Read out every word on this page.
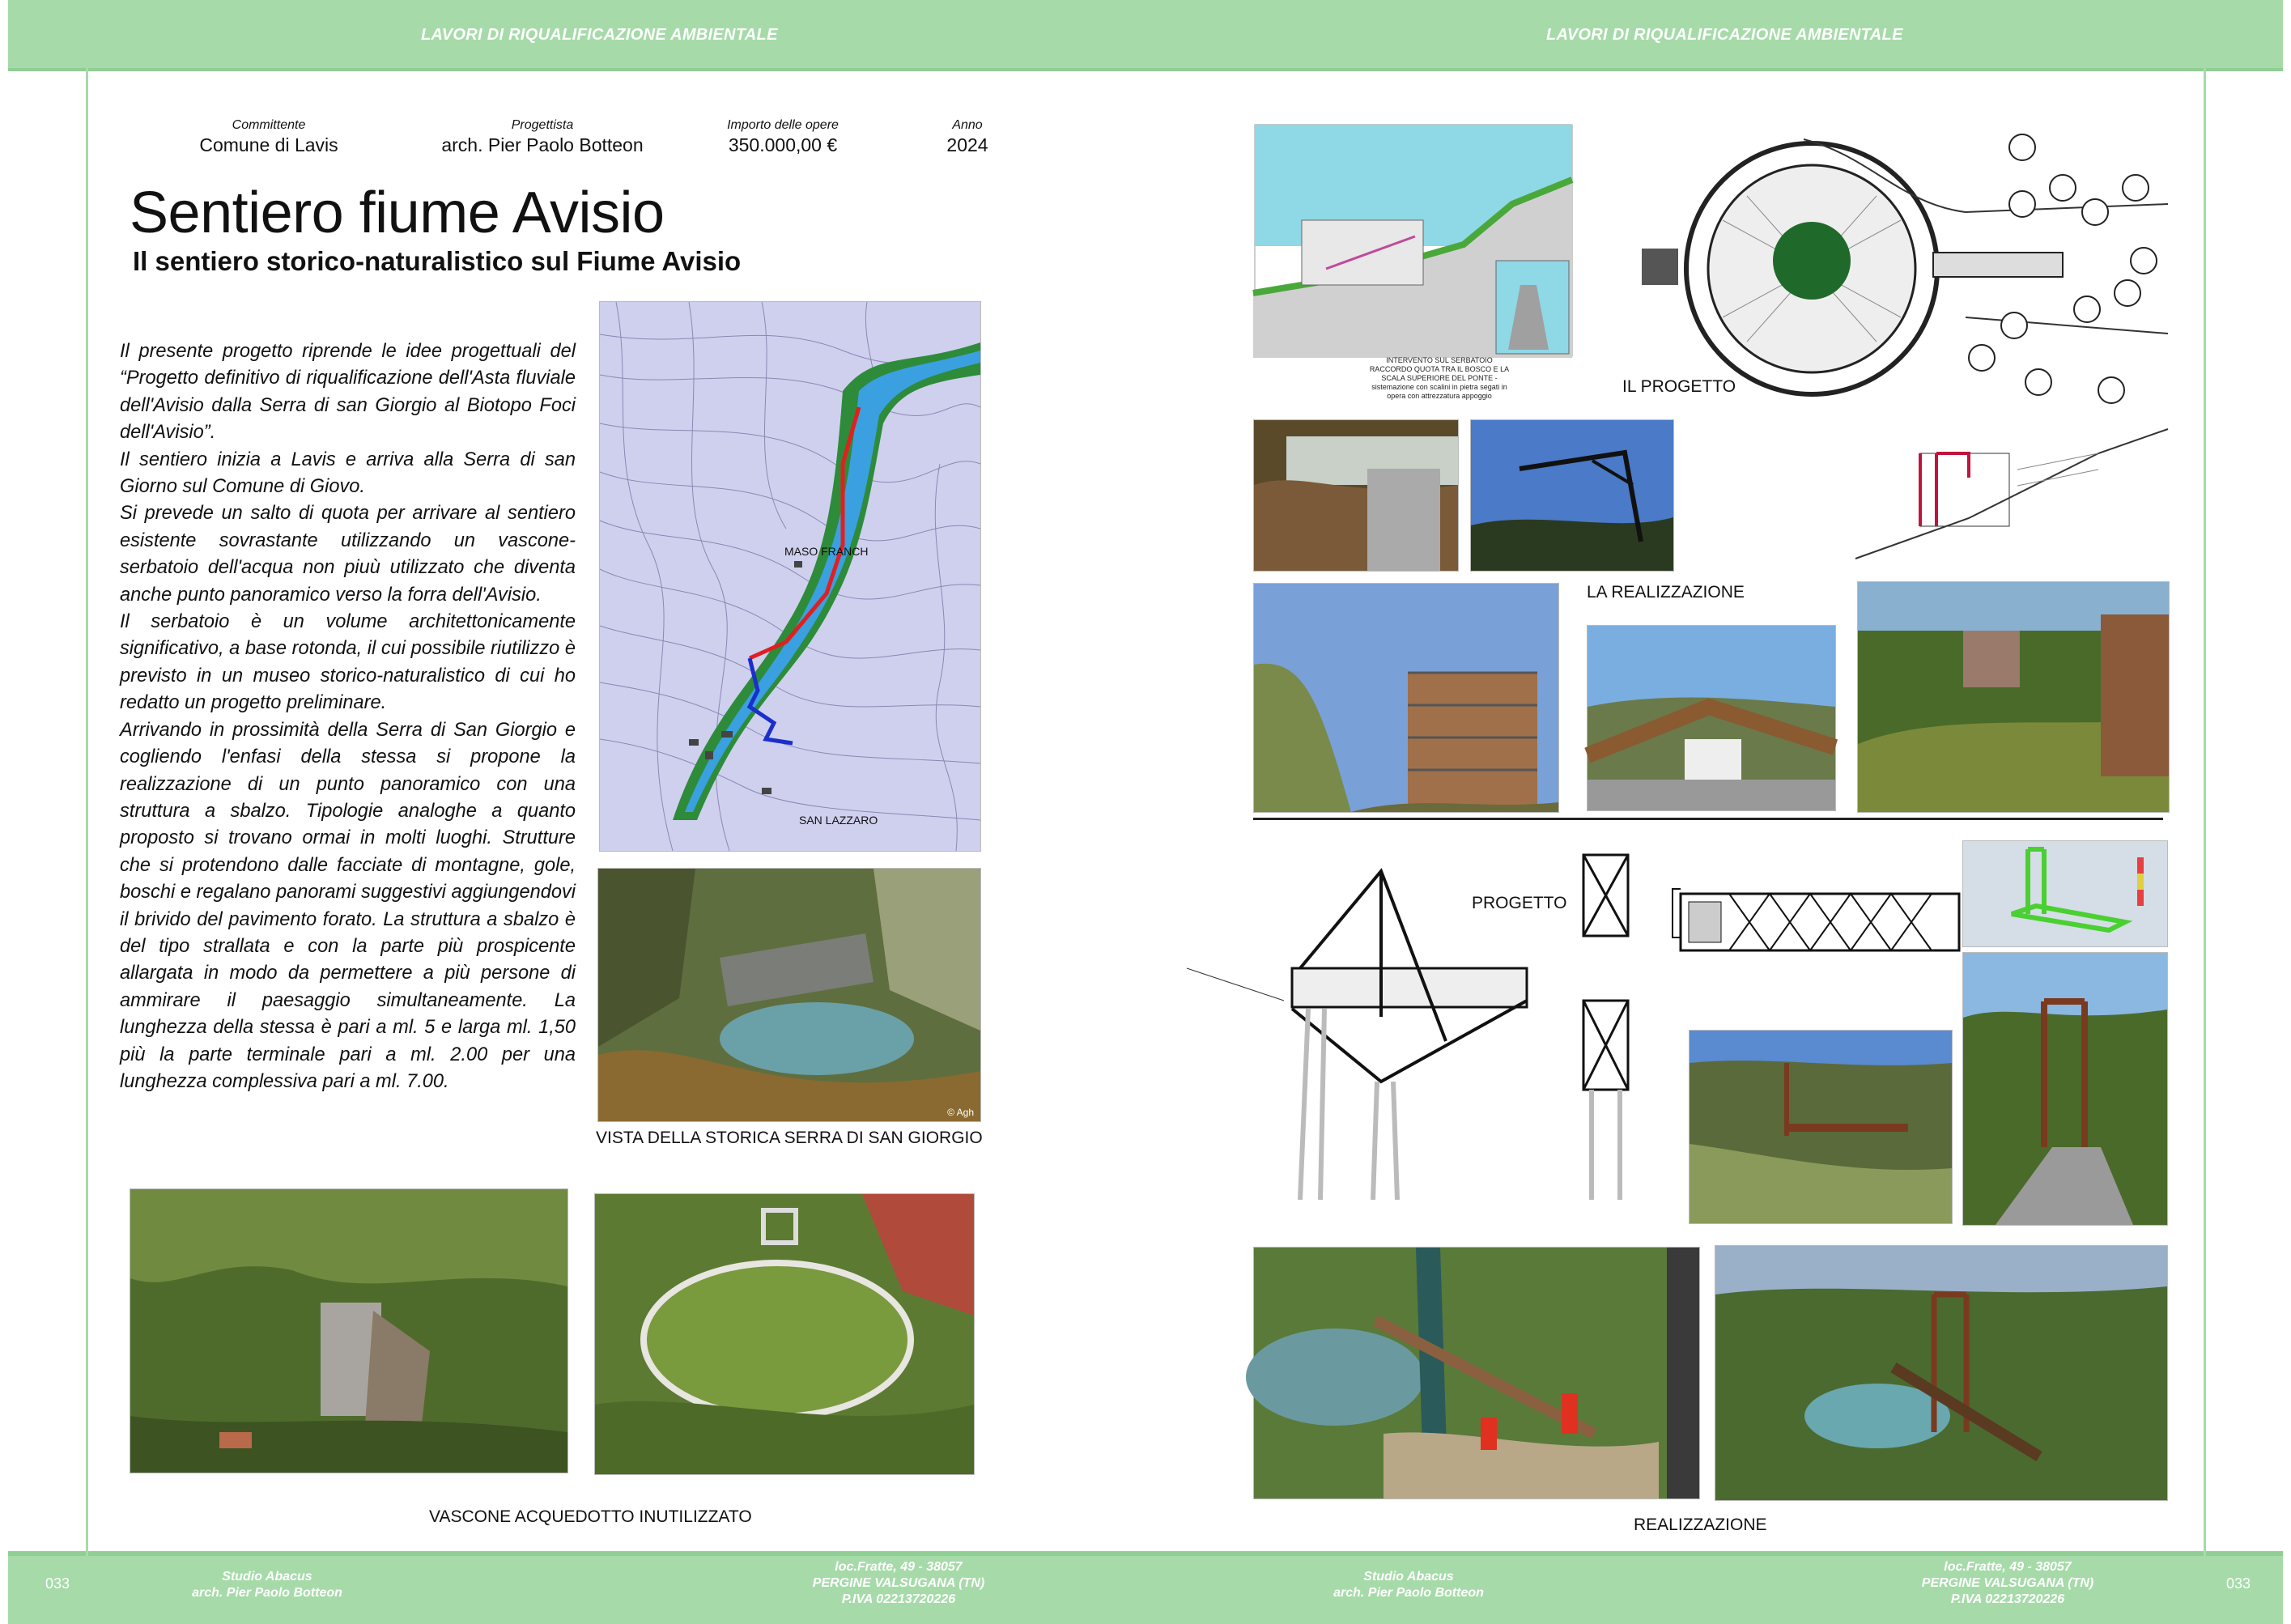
LAVORI DI RIQUALIFICAZIONE AMBIENTALE	LAVORI DI RIQUALIFICAZIONE AMBIENTALE
Committente
Comune di Lavis
Progettista
arch. Pier Paolo Botteon
Importo delle opere
350.000,00 €
Anno
2024
Sentiero fiume Avisio
Il sentiero storico-naturalistico sul Fiume Avisio

Il presente progetto riprende le idee progettuali del “Progetto definitivo di riqualificazione dell'Asta fluviale dell'Avisio dalla Serra di san Giorgio al Biotopo Foci dell'Avisio”.

Il sentiero inizia a Lavis e arriva alla Serra di san Giorno sul Comune di Giovo.

Si prevede un salto di quota per arrivare al sentiero esistente sovrastante utilizzando un vascone-serbatoio dell'acqua non piuù utilizzato che diventa anche punto panoramico verso la forra dell'Avisio.

Il serbatoio è un volume architettonicamente significativo, a base rotonda, il cui possibile riutilizzo è previsto in un museo storico-naturalistico di cui ho redatto un progetto preliminare.

Arrivando in prossimità della Serra di San Giorgio e cogliendo l'enfasi della stessa si propone la realizzazione di un punto panoramico con una struttura a sbalzo. Tipologie analoghe a quanto proposto si trovano ormai in molti luoghi. Strutture che si protendono dalle facciate di montagne, gole, boschi e regalano panorami suggestivi aggiungendovi il brivido del pavimento forato. La struttura a sbalzo è del tipo strallata e con la parte più prospicente allargata in modo da permettere a più persone di ammirare il paesaggio simultaneamente. La lunghezza della stessa è pari a ml. 5 e larga ml. 1,50 più la parte terminale pari a ml. 2.00 per una lunghezza complessiva pari a ml. 7.00.

MASO FRANCH
SAN LAZZARO
© Agh
VISTA DELLA STORICA SERRA DI SAN GIORGIO
VASCONE ACQUEDOTTO INUTILIZZATO
INTERVENTO SUL SERBATOIO RACCORDO QUOTA TRA IL BOSCO E LA SCALA SUPERIORE DEL PONTE - sistemazione con scalini in pietra segati in opera con attrezzatura appoggio	IL PROGETTO
LA REALIZZAZIONE
PROGETTO
REALIZZAZIONE
033	033
Studio Abacus
arch. Pier Paolo Botteon
loc.Fratte, 49 - 38057
PERGINE VALSUGANA (TN)
P.IVA 02213720226
Studio Abacus
arch. Pier Paolo Botteon
loc.Fratte, 49 - 38057
PERGINE VALSUGANA (TN)
P.IVA 02213720226
